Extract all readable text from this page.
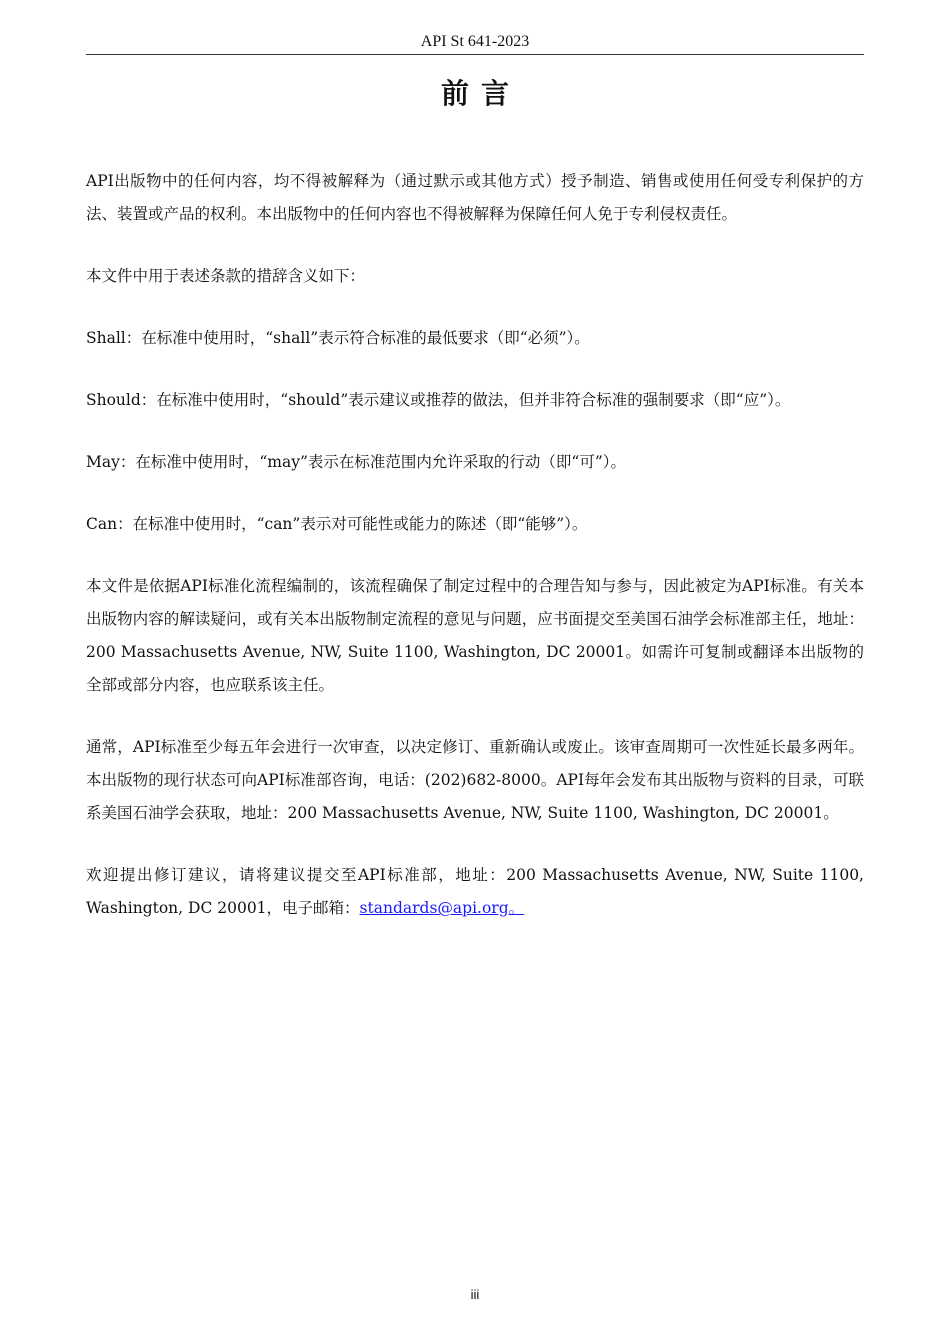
API St 641-2023
前言

API出版物中的任何内容，均不得被解释为（通过默示或其他方式）授予制造、销售或使用任何受专利保护的方法、装置或产品的权利。本出版物中的任何内容也不得被解释为保障任何人免于专利侵权责任。

本文件中用于表述条款的措辞含义如下：

Shall：在标准中使用时，“shall”表示符合标准的最低要求（即“必须”）。

Should：在标准中使用时，“should”表示建议或推荐的做法，但并非符合标准的强制要求（即“应”）。

May：在标准中使用时，“may”表示在标准范围内允许采取的行动（即“可”）。

Can：在标准中使用时，“can”表示对可能性或能力的陈述（即“能够”）。

本文件是依据API标准化流程编制的，该流程确保了制定过程中的合理告知与参与，因此被定为API标准。有关本出版物内容的解读疑问，或有关本出版物制定流程的意见与问题，应书面提交至美国石油学会标准部主任，地址：200 Massachusetts Avenue, NW, Suite 1100, Washington, DC 20001。如需许可复制或翻译本出版物的全部或部分内容，也应联系该主任。

通常，API标准至少每五年会进行一次审查，以决定修订、重新确认或废止。该审查周期可一次性延长最多两年。本出版物的现行状态可向API标准部咨询，电话：(202)682-8000。API每年会发布其出版物与资料的目录，可联系美国石油学会获取，地址：200 Massachusetts Avenue, NW, Suite 1100, Washington, DC 20001。

欢迎提出修订建议，请将建议提交至API标准部，地址：200 Massachusetts Avenue, NW, Suite 1100, Washington, DC 20001，电子邮箱：standards@api.org。

iii
